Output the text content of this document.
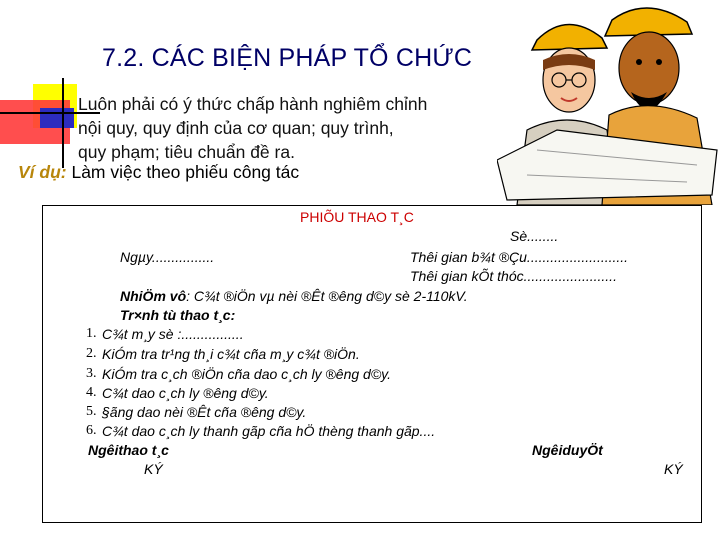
7.2. CÁC BIỆN PHÁP TỔ CHỨC
Luôn phải có ý thức chấp hành nghiêm chỉnh
nội quy, quy định của cơ quan; quy trình,
quy phạm; tiêu chuẩn đề ra.
Ví dụ: Làm việc theo phiếu công tác
PHIÕU THAO T¸C
Sè........
Ngµy................	Thêi gian b¾t ®Çu..........................
Thêi gian kÕt thóc........................
NhiÖm vô: C¾t ®iÖn vµ nèi ®Êt ®êng d©y sè 2-110kV.
Tr×nh tù thao t¸c:
1. C¾t m¸y sè :................
2. KiÓm tra tr¹ng th¸i c¾t cña m¸y c¾t ®iÖn.
3. KiÓm tra c¸ch ®iÖn cña dao c¸ch ly ®êng d©y.
4. C¾t dao c¸ch ly ®êng d©y.
5. §ãng dao nèi ®Êt cña ®êng d©y.
6. C¾t dao c¸ch ly thanh gãp cña hÖ thèng thanh gãp....
Ngêithao t¸c
KÝ
NgêiduyÖt
KÝ
